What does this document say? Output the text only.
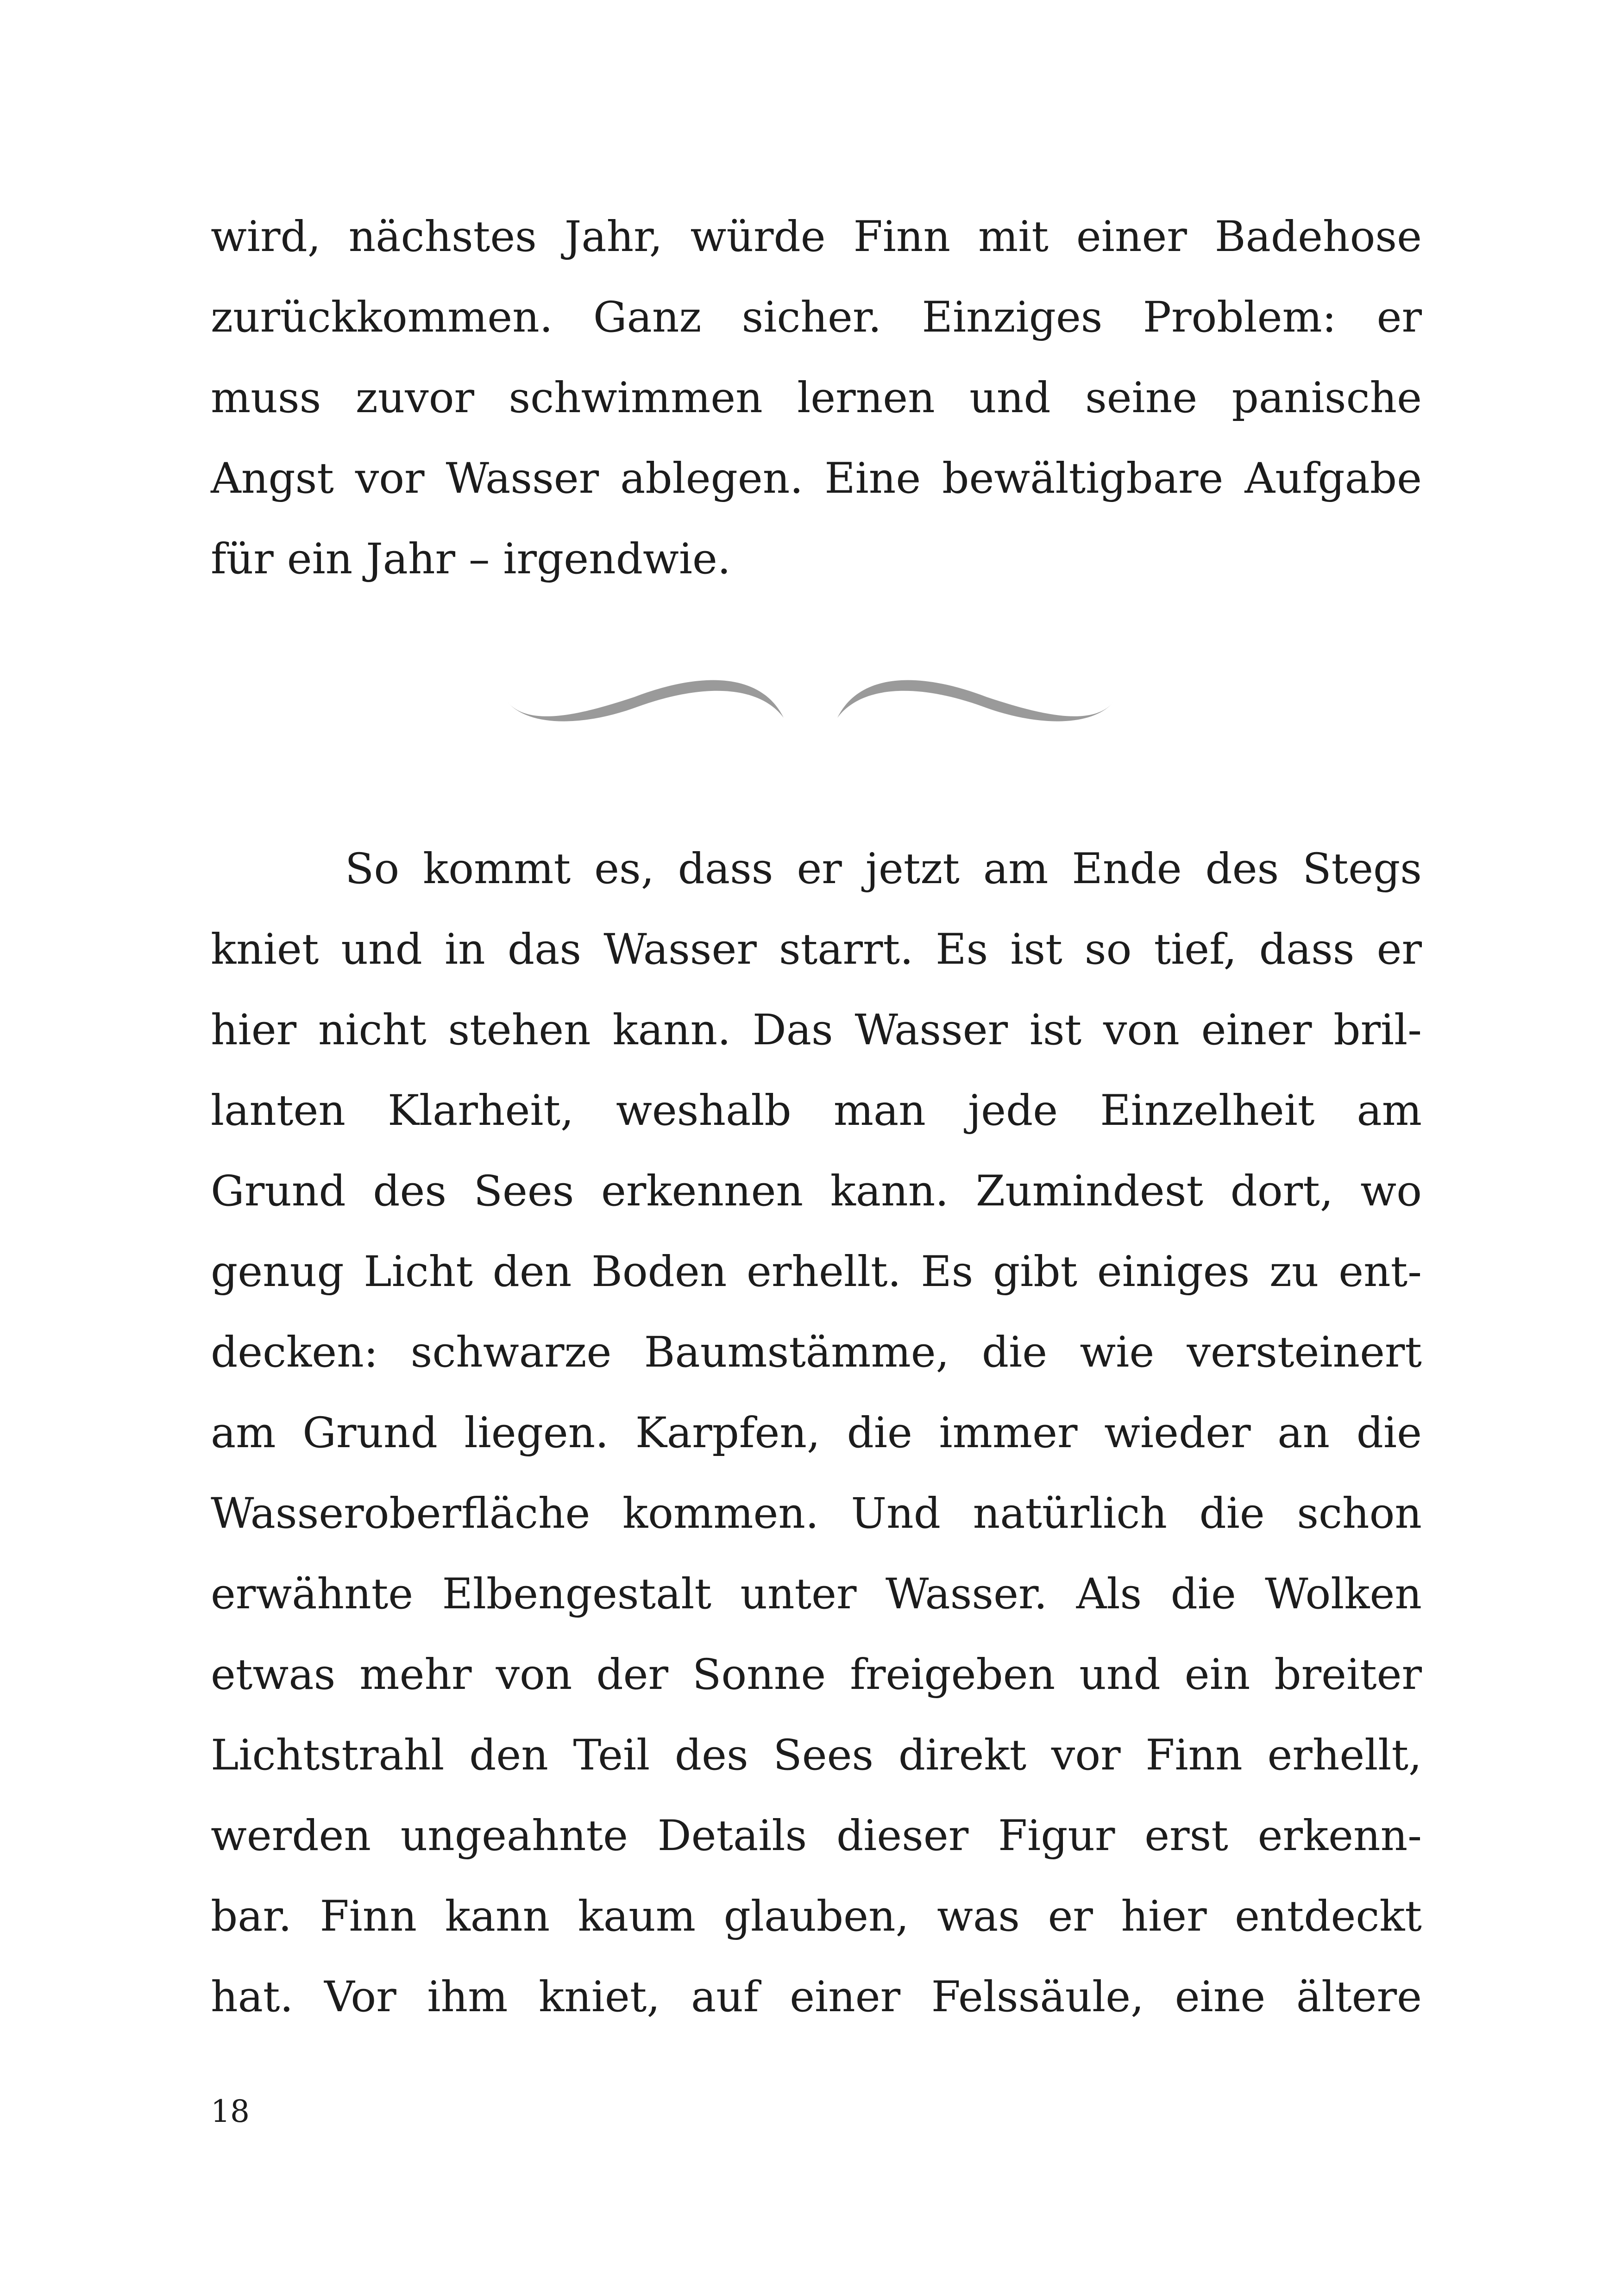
wird, nächstes Jahr, würde Finn mit einer Badehose
zurückkommen. Ganz sicher. Einziges Problem: er
muss zuvor schwimmen lernen und seine panische
Angst vor Wasser ablegen. Eine bewältigbare Aufgabe
für ein Jahr – irgendwie.
So kommt es, dass er jetzt am Ende des Stegs
kniet und in das Wasser starrt. Es ist so tief, dass er
hier nicht stehen kann. Das Wasser ist von einer bril-
lanten Klarheit, weshalb man jede Einzelheit am
Grund des Sees erkennen kann. Zumindest dort, wo
genug Licht den Boden erhellt. Es gibt einiges zu ent-
decken: schwarze Baumstämme, die wie versteinert
am Grund liegen. Karpfen, die immer wieder an die
Wasseroberfläche kommen. Und natürlich die schon
erwähnte Elbengestalt unter Wasser. Als die Wolken
etwas mehr von der Sonne freigeben und ein breiter
Lichtstrahl den Teil des Sees direkt vor Finn erhellt,
werden ungeahnte Details dieser Figur erst erkenn-
bar. Finn kann kaum glauben, was er hier entdeckt
hat. Vor ihm kniet, auf einer Felssäule, eine ältere
18
